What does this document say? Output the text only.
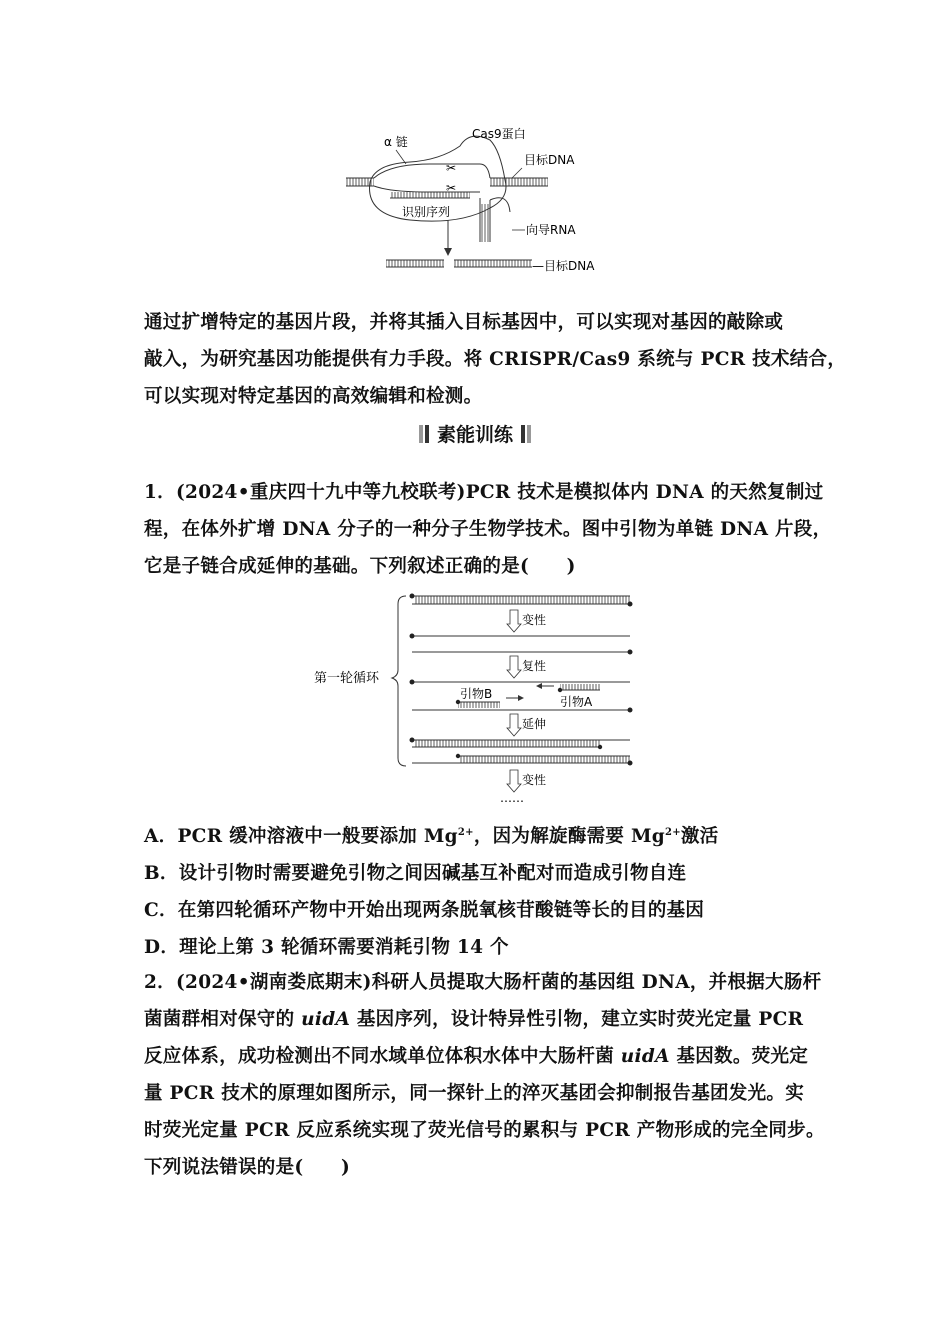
✂
✂
α 链
Cas9蛋白
目标DNA
识别序列
向导RNA
—目标DNA
通过扩增特定的基因片段，并将其插入目标基因中，可以实现对基因的敲除或
敲入，为研究基因功能提供有力手段。将 CRISPR/Cas9 系统与 PCR 技术结合，
可以实现对特定基因的高效编辑和检测。
素能训练
1．(2024•重庆四十九中等九校联考)PCR 技术是模拟体内 DNA 的天然复制过
程，在体外扩增 DNA 分子的一种分子生物学技术。图中引物为单链 DNA 片段，
它是子链合成延伸的基础。下列叙述正确的是(　　)
第一轮循环
变性
复性
引物A
引物B
延伸
变性
……
A．PCR 缓冲溶液中一般要添加 $Mg^{2+}$，因为解旋酶需要 $Mg^{2+}$激活
B．设计引物时需要避免引物之间因碱基互补配对而造成引物自连
C．在第四轮循环产物中开始出现两条脱氧核苷酸链等长的目的基因
D．理论上第 3 轮循环需要消耗引物 14 个
2．(2024•湖南娄底期末)科研人员提取大肠杆菌的基因组 DNA，并根据大肠杆
菌菌群相对保守的 uidA 基因序列，设计特异性引物，建立实时荧光定量 PCR
反应体系，成功检测出不同水域单位体积水体中大肠杆菌 uidA 基因数。荧光定
量 PCR 技术的原理如图所示，同一探针上的淬灭基团会抑制报告基团发光。实
时荧光定量 PCR 反应系统实现了荧光信号的累积与 PCR 产物形成的完全同步。
下列说法错误的是(　　)
